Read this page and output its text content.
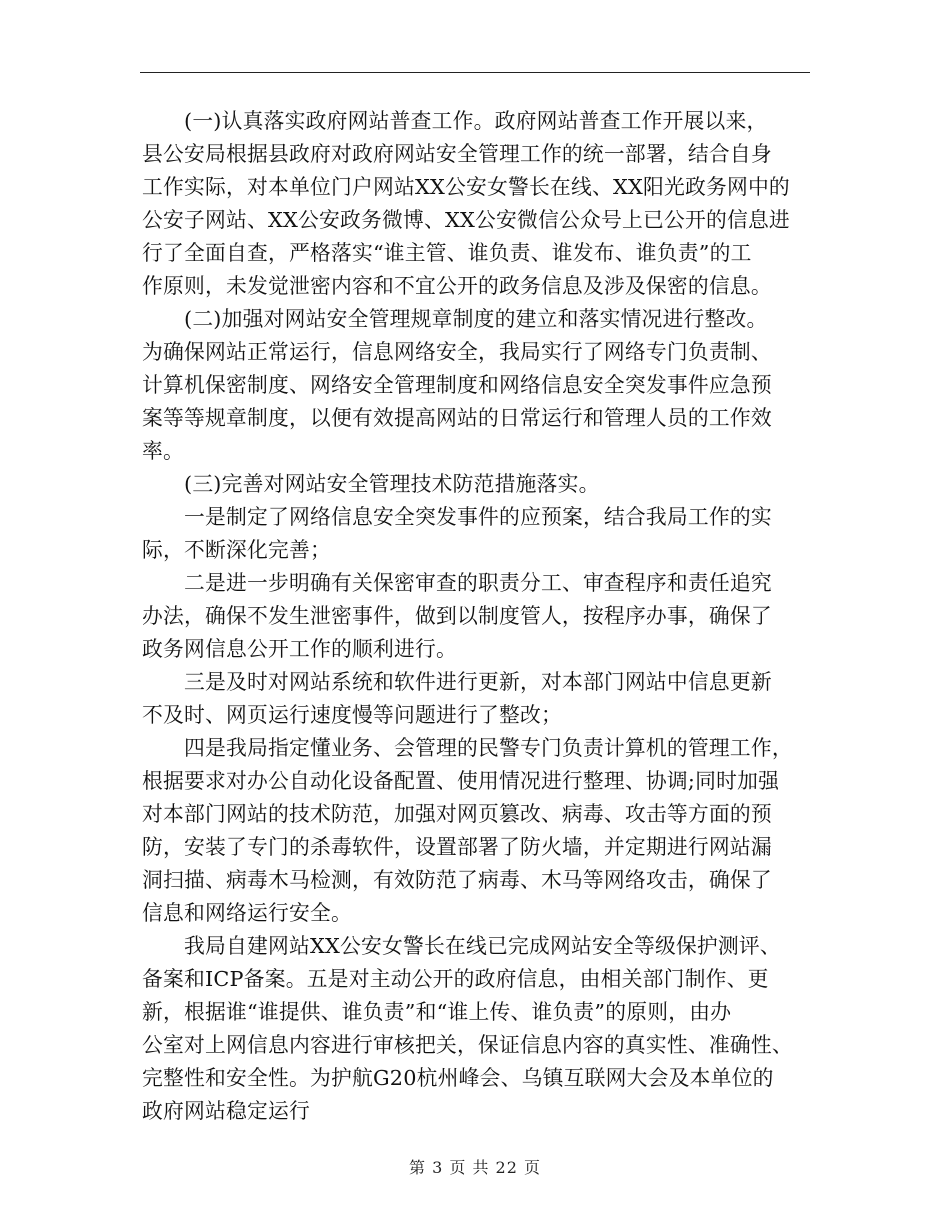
(一)认真落实政府网站普查工作。政府网站普查工作开展以来，
县公安局根据县政府对政府网站安全管理工作的统一部署，结合自身
工作实际，对本单位门户网站XX公安女警长在线、XX阳光政务网中的
公安子网站、XX公安政务微博、XX公安微信公众号上已公开的信息进
行了全面自查，严格落实“谁主管、谁负责、谁发布、谁负责”的工
作原则，未发觉泄密内容和不宜公开的政务信息及涉及保密的信息。
(二)加强对网站安全管理规章制度的建立和落实情况进行整改。
为确保网站正常运行，信息网络安全，我局实行了网络专门负责制、
计算机保密制度、网络安全管理制度和网络信息安全突发事件应急预
案等等规章制度，以便有效提高网站的日常运行和管理人员的工作效
率。
(三)完善对网站安全管理技术防范措施落实。
一是制定了网络信息安全突发事件的应预案，结合我局工作的实
际，不断深化完善；
二是进一步明确有关保密审查的职责分工、审查程序和责任追究
办法，确保不发生泄密事件，做到以制度管人，按程序办事，确保了
政务网信息公开工作的顺利进行。
三是及时对网站系统和软件进行更新，对本部门网站中信息更新
不及时、网页运行速度慢等问题进行了整改；
四是我局指定懂业务、会管理的民警专门负责计算机的管理工作，
根据要求对办公自动化设备配置、使用情况进行整理、协调;同时加强
对本部门网站的技术防范，加强对网页篡改、病毒、攻击等方面的预
防，安装了专门的杀毒软件，设置部署了防火墙，并定期进行网站漏
洞扫描、病毒木马检测，有效防范了病毒、木马等网络攻击，确保了
信息和网络运行安全。
我局自建网站XX公安女警长在线已完成网站安全等级保护测评、
备案和ICP备案。五是对主动公开的政府信息，由相关部门制作、更
新，根据谁“谁提供、谁负责”和“谁上传、谁负责”的原则，由办
公室对上网信息内容进行审核把关，保证信息内容的真实性、准确性、
完整性和安全性。为护航G20杭州峰会、乌镇互联网大会及本单位的
政府网站稳定运行
第 3 页 共 22 页
